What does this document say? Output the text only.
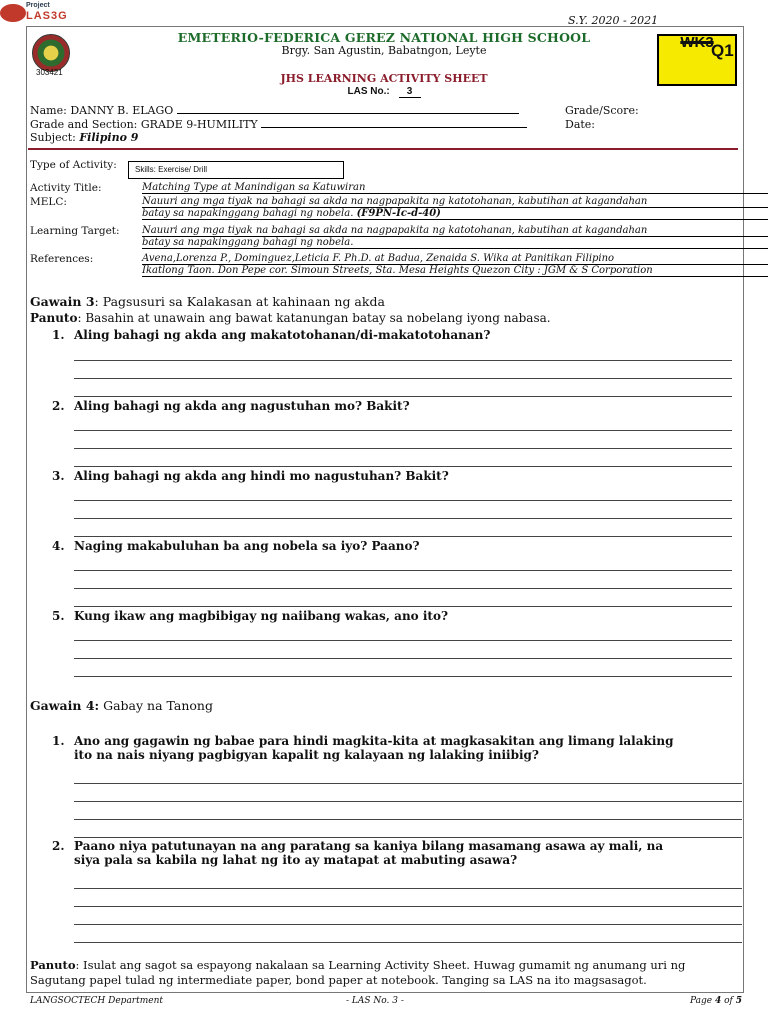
S.Y. 2020 - 2021
Project
LAS3G
303421
EMETERIO-FEDERICA GEREZ NATIONAL HIGH SCHOOL
Brgy. San Agustin, Babatngon, Leyte
JHS LEARNING ACTIVITY SHEET
LAS No.: 3
Q1
WK3
Name: DANNY B. ELAGO	Grade/Score:
Grade and Section: GRADE 9-HUMILITY	Date:
Subject: Filipino 9
Type of Activity:	Skills: Exercise/ Drill
Activity Title:	Matching Type at Manindigan sa Katuwiran
MELC:	Nauuri ang mga tiyak na bahagi sa akda na nagpapakita ng katotohanan, kabutihan at kagandahan
batay sa napakinggang bahagi ng nobela. (F9PN-Ic-d-40)
Learning Target: Nauuri ang mga tiyak na bahagi sa akda na nagpapakita ng katotohanan, kabutihan at kagandahan
batay sa napakinggang bahagi ng nobela.
References:	Avena,Lorenza P., Dominguez,Leticia F. Ph.D. at Badua, Zenaida S. Wika at Panitikan Filipino
Ikatlong Taon. Don Pepe cor. Simoun Streets, Sta. Mesa Heights Quezon City : JGM & S Corporation
Gawain 3: Pagsusuri sa Kalakasan at kahinaan ng akda
Panuto: Basahin at unawain ang bawat katanungan batay sa nobelang iyong nabasa.
1. Aling bahagi ng akda ang makatotohanan/di-makatotohanan?
2. Aling bahagi ng akda ang nagustuhan mo? Bakit?
3. Aling bahagi ng akda ang hindi mo nagustuhan? Bakit?
4. Naging makabuluhan ba ang nobela sa iyo? Paano?
5. Kung ikaw ang magbibigay ng naiibang wakas, ano ito?
Gawain 4: Gabay na Tanong
1. Ano ang gagawin ng babae para hindi magkita-kita at magkasakitan ang limang lalaking
ito na nais niyang pagbigyan kapalit ng kalayaan ng lalaking iniibig?
2. Paano niya patutunayan na ang paratang sa kaniya bilang masamang asawa ay mali, na
siya pala sa kabila ng lahat ng ito ay matapat at mabuting asawa?
Panuto: Isulat ang sagot sa espayong nakalaan sa Learning Activity Sheet. Huwag gumamit ng anumang uri ng Sagutang papel tulad ng intermediate paper, bond paper at notebook. Tanging sa LAS na ito magsasagot.
LANGSOCTECH Department	- LAS No. 3 -	Page 4 of 5
